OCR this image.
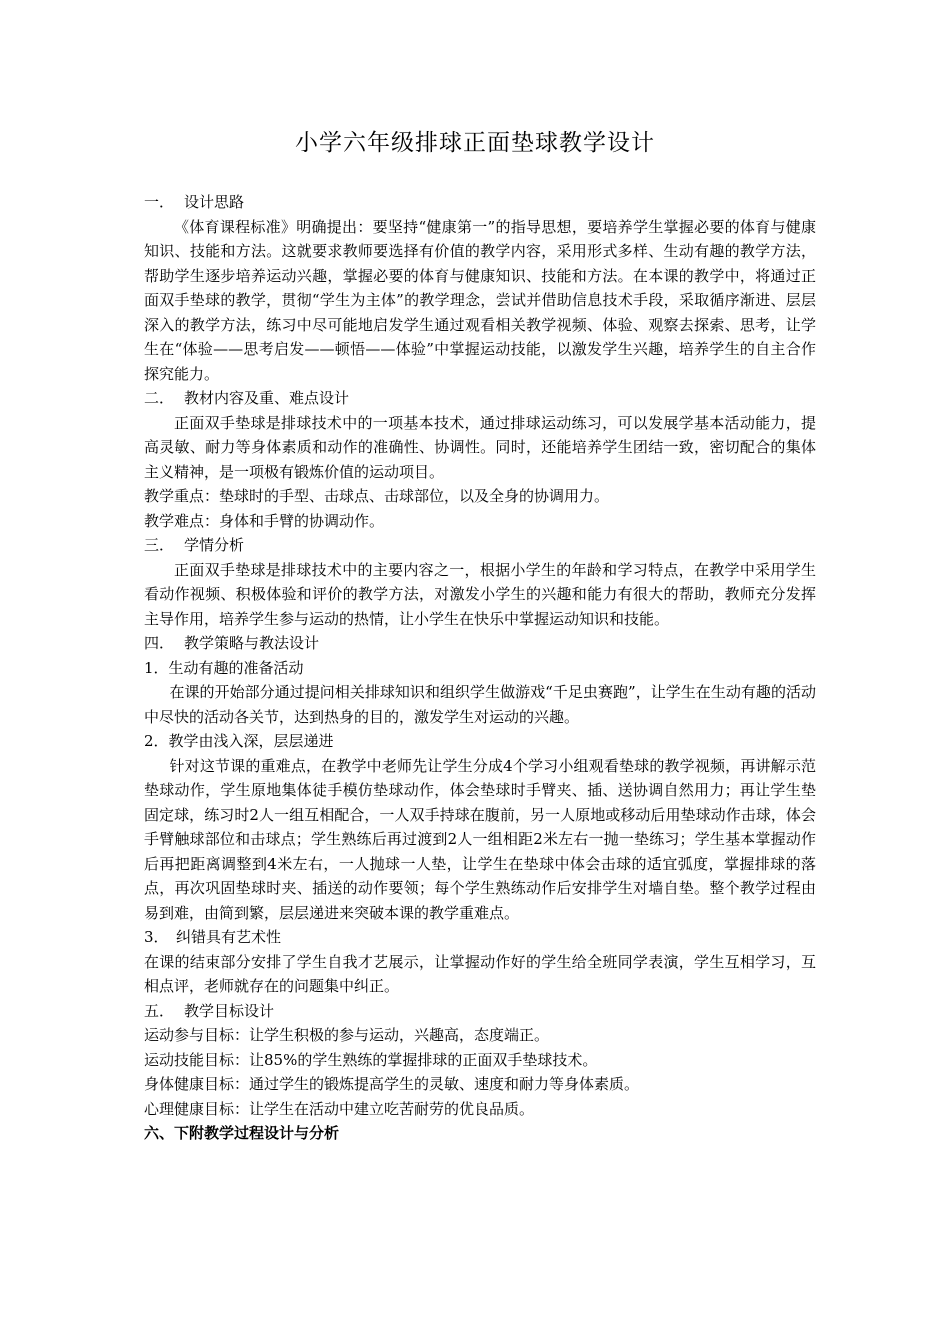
小学六年级排球正面垫球教学设计

一． 设计思路

《体育课程标准》明确提出：要坚持“健康第一”的指导思想，要培养学生掌握必要的体育与健康知识、技能和方法。这就要求教师要选择有价值的教学内容，采用形式多样、生动有趣的教学方法，帮助学生逐步培养运动兴趣，掌握必要的体育与健康知识、技能和方法。在本课的教学中，将通过正面双手垫球的教学，贯彻“学生为主体”的教学理念，尝试并借助信息技术手段，采取循序渐进、层层深入的教学方法，练习中尽可能地启发学生通过观看相关教学视频、体验、观察去探索、思考，让学生在“体验——思考启发——顿悟——体验”中掌握运动技能，以激发学生兴趣，培养学生的自主合作探究能力。

二． 教材内容及重、难点设计

正面双手垫球是排球技术中的一项基本技术，通过排球运动练习，可以发展学基本活动能力，提高灵敏、耐力等身体素质和动作的准确性、协调性。同时，还能培养学生团结一致，密切配合的集体主义精神，是一项极有锻炼价值的运动项目。

教学重点：垫球时的手型、击球点、击球部位，以及全身的协调用力。

教学难点：身体和手臂的协调动作。

三． 学情分析

正面双手垫球是排球技术中的主要内容之一，根据小学生的年龄和学习特点，在教学中采用学生看动作视频、积极体验和评价的教学方法，对激发小学生的兴趣和能力有很大的帮助，教师充分发挥主导作用，培养学生参与运动的热情，让小学生在快乐中掌握运动知识和技能。

四． 教学策略与教法设计

1．生动有趣的准备活动

在课的开始部分通过提问相关排球知识和组织学生做游戏“千足虫赛跑”，让学生在生动有趣的活动中尽快的活动各关节，达到热身的目的，激发学生对运动的兴趣。

2．教学由浅入深，层层递进

针对这节课的重难点，在教学中老师先让学生分成4个学习小组观看垫球的教学视频，再讲解示范垫球动作，学生原地集体徒手模仿垫球动作，体会垫球时手臂夹、插、送协调自然用力；再让学生垫固定球，练习时2人一组互相配合，一人双手持球在腹前，另一人原地或移动后用垫球动作击球，体会手臂触球部位和击球点；学生熟练后再过渡到2人一组相距2米左右一抛一垫练习；学生基本掌握动作后再把距离调整到4米左右，一人抛球一人垫，让学生在垫球中体会击球的适宜弧度，掌握排球的落点，再次巩固垫球时夹、插送的动作要领；每个学生熟练动作后安排学生对墙自垫。整个教学过程由易到难，由简到繁，层层递进来突破本课的教学重难点。

3．　纠错具有艺术性

在课的结束部分安排了学生自我才艺展示，让掌握动作好的学生给全班同学表演，学生互相学习，互相点评，老师就存在的问题集中纠正。

五． 教学目标设计

运动参与目标：让学生积极的参与运动，兴趣高，态度端正。

运动技能目标：让85%的学生熟练的掌握排球的正面双手垫球技术。

身体健康目标：通过学生的锻炼提高学生的灵敏、速度和耐力等身体素质。

心理健康目标：让学生在活动中建立吃苦耐劳的优良品质。

六、下附教学过程设计与分析
